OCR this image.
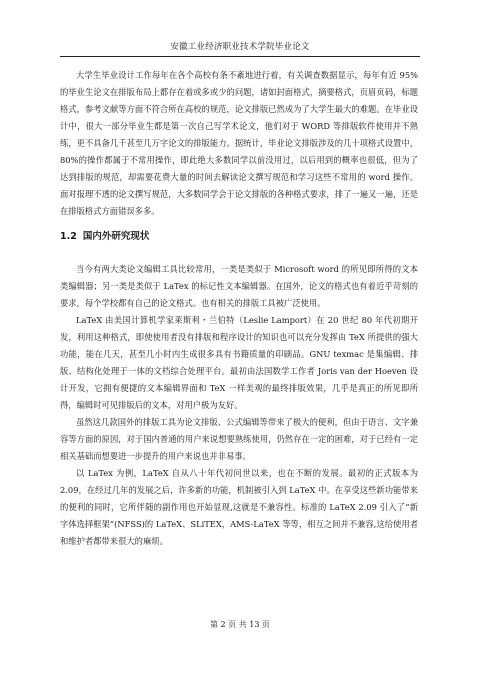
安徽工业经济职业技术学院毕业论文

大学生毕业设计工作每年在各个高校有条不紊地进行着，有关调查数据显示，每年有近 95%的毕业生论文在排版布局上都存在着或多或少的问题，诸如封面格式，摘要格式，页眉页码，标题格式，参考文献等方面不符合所在高校的规范，论文排版已然成为了大学生最大的难题。在毕业设计中，很大一部分毕业生都是第一次自己写学术论文，他们对于 WORD 等排版软件使用并不熟练，更不具备几千甚至几万字论文的排版能力。据统计，毕业论文排版涉及的几十项格式设置中，80%的操作都属于不常用操作，即此绝大多数同学以前没用过，以后用到的概率也很低，但为了达到排版的规范，却需要花费大量的时间去解读论文撰写规范和学习这些不常用的 word 操作。面对报理不透的论文撰写规范，大多数同学会于论文排版的各种格式要求，排了一遍又一遍，还是在排版格式方面错误多多。

1.2 国内外研究现状

当今有两大类论文编辑工具比较常用，一类是类似于 Microsoft word 的所见即所得的文本类编辑器；另一类是类似于 LaTex 的标记性文本编辑器。在国外，论文的格式也有着近乎苛刻的要求，每个学校都有自己的论文格式。也有相关的排版工具被广泛使用。

LaTeX 由美国计算机学家莱斯利・兰伯特（Leslie Lamport）在 20 世纪 80 年代初期开发，利用这种格式，即使使用者没有排版和程序设计的知识也可以充分发挥由 TeX 所提供的强大功能，能在几天，甚至几小时内生成很多具有书籍质量的印刷品。GNU texmac 是集编辑、排版、结构化处理于一体的文档综合处理平台。最初由法国数学工作者 Joris van der Hoeven 设计开发，它拥有便捷的文本编辑界面和 TeX 一样美观的最终排版效果，几乎是真正的所见即所得，编辑时可见排版后的文本，对用户极为友好。

虽然这几款国外的排版工具为论文排版、公式编辑等带来了极大的便利，但由于语言、文字兼容等方面的原因，对于国内普通的用户来说想要熟练使用，仍然存在一定的困难，对于已经有一定相关基础而想要进一步提升的用户来说也并非易事。

以 LaTex 为例，LaTeX 自从八十年代初问世以来，也在不断的发展。最初的正式版本为 2.09，在经过几年的发展之后，许多新的功能，机制被引入到 LaTeX 中。在享受这些新功能带来的便利的同时，它所伴随的副作用也开始显现,这就是不兼容性。标准的 LaTeX 2.09 引入了“新字体选择框架”(NFSS)的 LaTeX、SLiTEX，AMS-LaTeX 等等，相互之间并不兼容,这给使用者和维护者都带来很大的麻烦。

第 2 页 共 13 页
